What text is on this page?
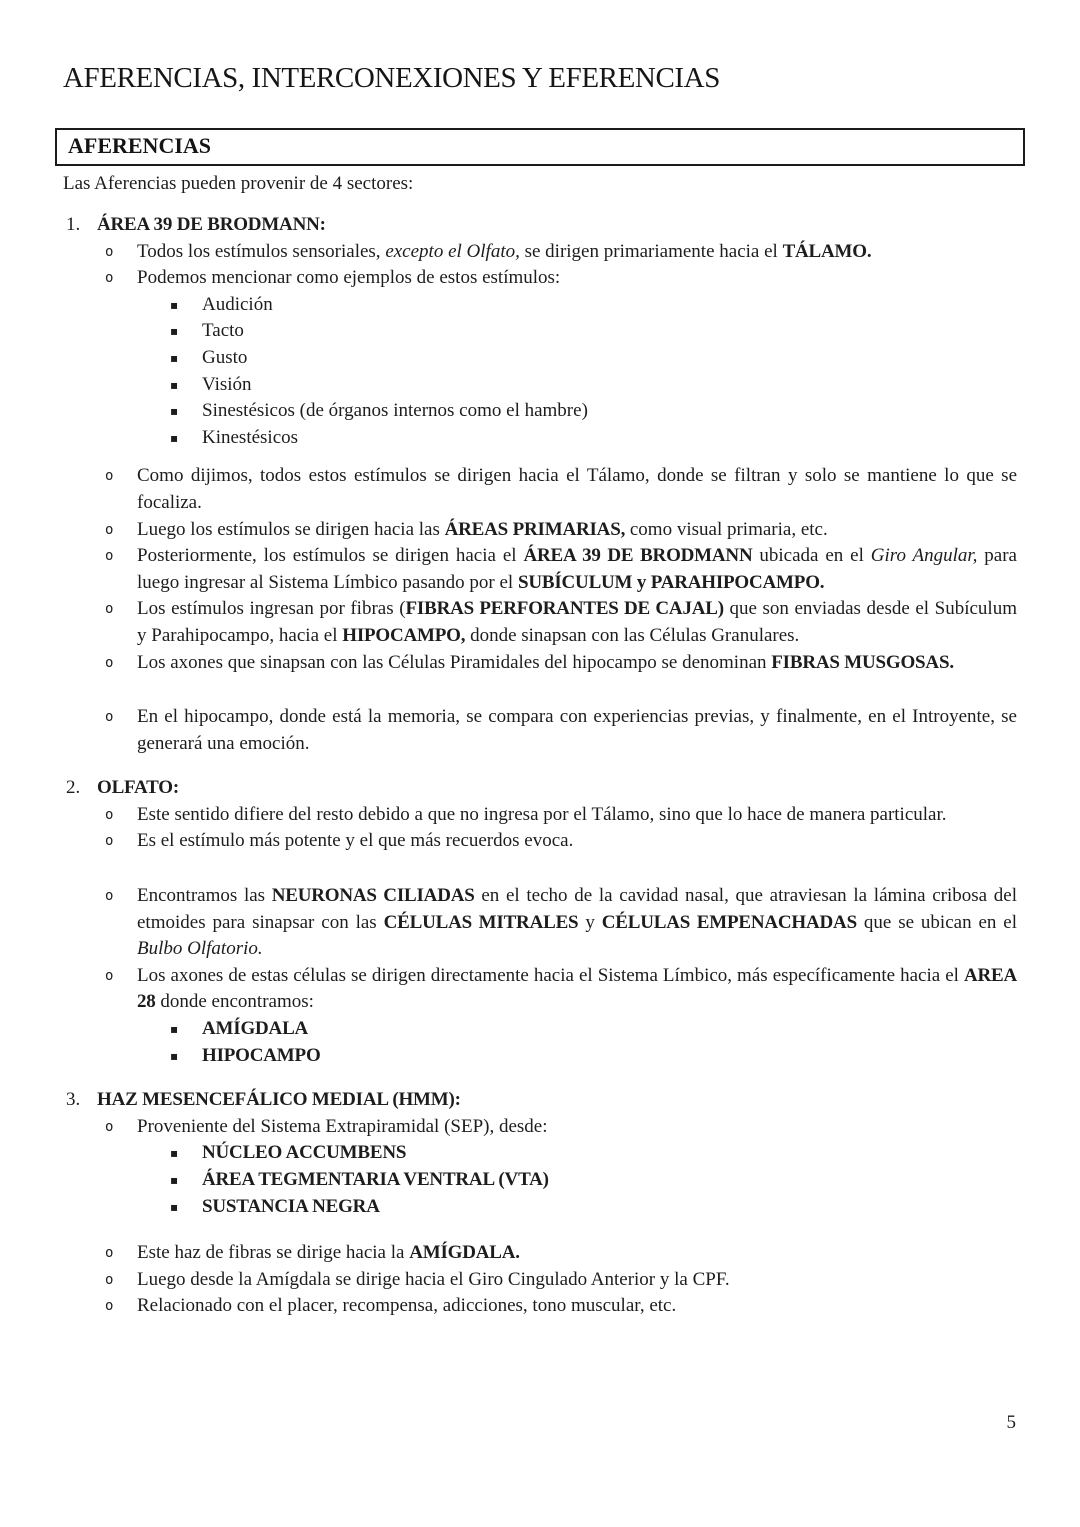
AFERENCIAS, INTERCONEXIONES Y EFERENCIAS
AFERENCIAS
Las Aferencias pueden provenir de 4 sectores:
1. ÁREA 39 DE BRODMANN:
o	Todos los estímulos sensoriales, excepto el Olfato, se dirigen primariamente hacia el TÁLAMO.
o	Podemos mencionar como ejemplos de estos estímulos:
▪	Audición
▪	Tacto
▪	Gusto
▪	Visión
▪	Sinestésicos (de órganos internos como el hambre)
▪	Kinestésicos
o	Como dijimos, todos estos estímulos se dirigen hacia el Tálamo, donde se filtran y solo se mantiene lo que se focaliza.
o	Luego los estímulos se dirigen hacia las ÁREAS PRIMARIAS, como visual primaria, etc.
o	Posteriormente, los estímulos se dirigen hacia el ÁREA 39 DE BRODMANN ubicada en el Giro Angular, para luego ingresar al Sistema Límbico pasando por el SUBÍCULUM y PARAHIPOCAMPO.
o	Los estímulos ingresan por fibras (FIBRAS PERFORANTES DE CAJAL) que son enviadas desde el Subículum y Parahipocampo, hacia el HIPOCAMPO, donde sinapsan con las Células Granulares.
o	Los axones que sinapsan con las Células Piramidales del hipocampo se denominan FIBRAS MUSGOSAS.
o	En el hipocampo, donde está la memoria, se compara con experiencias previas, y finalmente, en el Introyente, se generará una emoción.
2. OLFATO:
o	Este sentido difiere del resto debido a que no ingresa por el Tálamo, sino que lo hace de manera particular.
o	Es el estímulo más potente y el que más recuerdos evoca.
o	Encontramos las NEURONAS CILIADAS en el techo de la cavidad nasal, que atraviesan la lámina cribosa del etmoides para sinapsar con las CÉLULAS MITRALES y CÉLULAS EMPENACHADAS que se ubican en el Bulbo Olfatorio.
o	Los axones de estas células se dirigen directamente hacia el Sistema Límbico, más específicamente hacia el AREA 28 donde encontramos:
▪	AMÍGDALA
▪	HIPOCAMPO
3. HAZ MESENCEFÁLICO MEDIAL (HMM):
o	Proveniente del Sistema Extrapiramidal (SEP), desde:
▪	NÚCLEO ACCUMBENS
▪	ÁREA TEGMENTARIA VENTRAL (VTA)
▪	SUSTANCIA NEGRA
o	Este haz de fibras se dirige hacia la AMÍGDALA.
o	Luego desde la Amígdala se dirige hacia el Giro Cingulado Anterior y la CPF.
o	Relacionado con el placer, recompensa, adicciones, tono muscular, etc.
5
